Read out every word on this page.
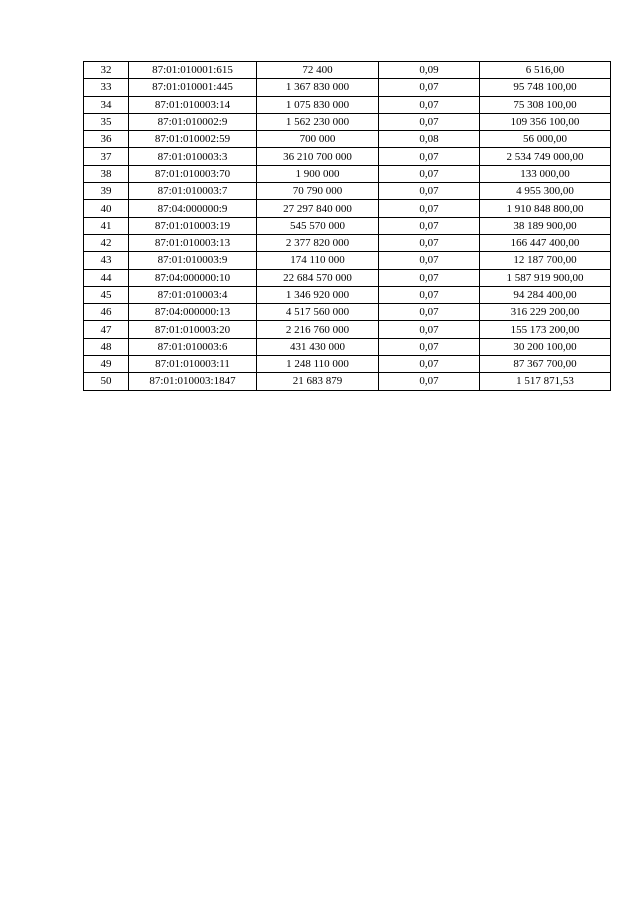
32	87:01:010001:615	72 400	0,09	6 516,00
33	87:01:010001:445	1 367 830 000	0,07	95 748 100,00
34	87:01:010003:14	1 075 830 000	0,07	75 308 100,00
35	87:01:010002:9	1 562 230 000	0,07	109 356 100,00
36	87:01:010002:59	700 000	0,08	56 000,00
37	87:01:010003:3	36 210 700 000	0,07	2 534 749 000,00
38	87:01:010003:70	1 900 000	0,07	133 000,00
39	87:01:010003:7	70 790 000	0,07	4 955 300,00
40	87:04:000000:9	27 297 840 000	0,07	1 910 848 800,00
41	87:01:010003:19	545 570 000	0,07	38 189 900,00
42	87:01:010003:13	2 377 820 000	0,07	166 447 400,00
43	87:01:010003:9	174 110 000	0,07	12 187 700,00
44	87:04:000000:10	22 684 570 000	0,07	1 587 919 900,00
45	87:01:010003:4	1 346 920 000	0,07	94 284 400,00
46	87:04:000000:13	4 517 560 000	0,07	316 229 200,00
47	87:01:010003:20	2 216 760 000	0,07	155 173 200,00
48	87:01:010003:6	431 430 000	0,07	30 200 100,00
49	87:01:010003:11	1 248 110 000	0,07	87 367 700,00
50	87:01:010003:1847	21 683 879	0,07	1 517 871,53
